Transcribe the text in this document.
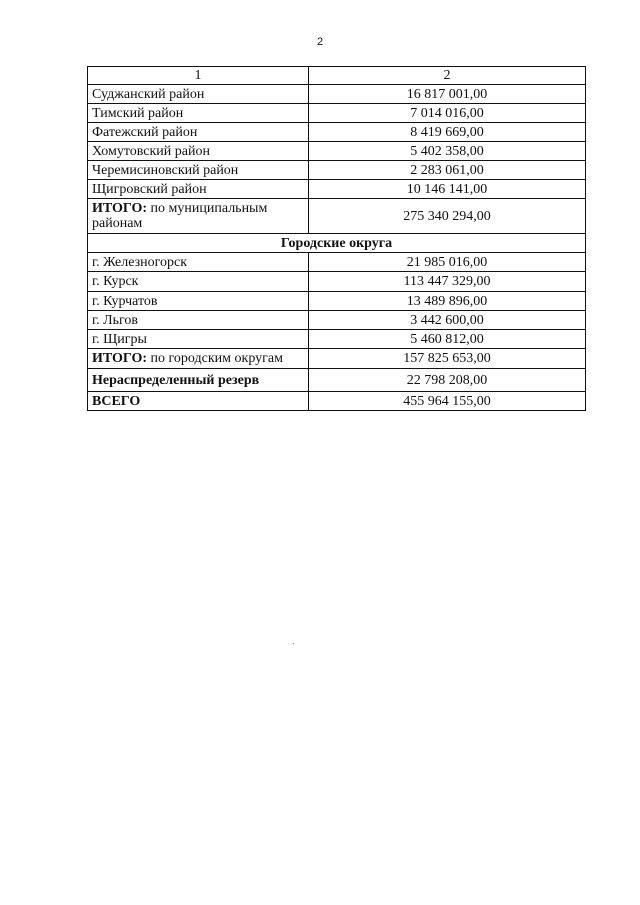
2
1	2
Суджанский район	16 817 001,00
Тимский район	7 014 016,00
Фатежский район	8 419 669,00
Хомутовский район	5 402 358,00
Черемисиновский район	2 283 061,00
Щигровский район	10 146 141,00
ИТОГО: по муниципальным районам	275 340 294,00
Городские округа	
г. Железногорск	21 985 016,00
г. Курск	113 447 329,00
г. Курчатов	13 489 896,00
г. Льгов	3 442 600,00
г. Щигры	5 460 812,00
ИТОГО: по городским округам	157 825 653,00
Нераспределенный резерв	22 798 208,00
ВСЕГО	455 964 155,00
